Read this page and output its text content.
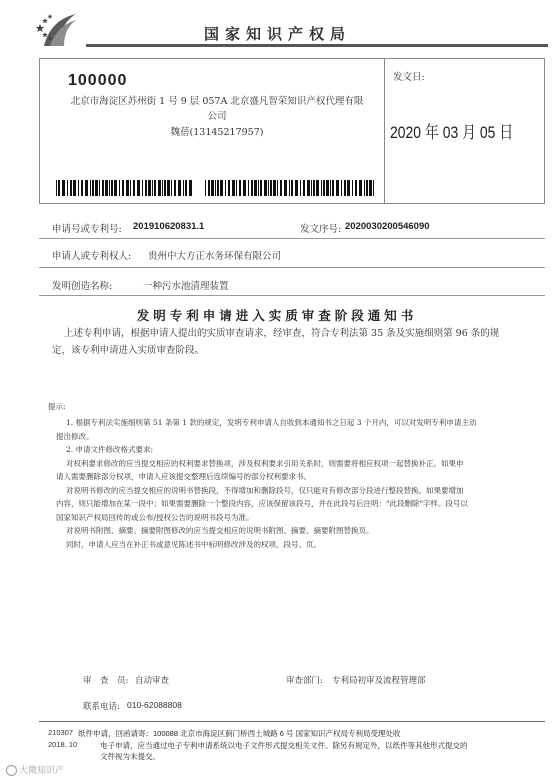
国家知识产权局
100000
北京市海淀区苏州街 1 号 9 层 057A 北京盛凡智荣知识产权代理有限
公司
魏蓓(13145217957)
发文日:
2020 年 03 月 05 日
申请号或专利号: 201910620831.1	发文序号: 2020030200546090
申请人或专利权人: 贵州中大方正水务环保有限公司
发明创造名称:	一种污水池清理装置
发明专利申请进入实质审查阶段通知书
上述专利申请，根据申请人提出的实质审查请求，经审查，符合专利法第 35 条及实施细则第 96 条的规
定，该专利申请进入实质审查阶段。
提示:

1. 根据专利法实施细则第 51 条第 1 款的规定，发明专利申请人自收到本通知书之日起 3 个月内，可以对发明专利申请主动

提出修改。

2. 申请文件修改格式要求:

对权利要求修改的应当提交相应的权利要求替换项，涉及权利要求引用关系时，则需要将相应权项一起替换补正。如果申

请人需要删除部分权项，申请人应该提交整理后连续编号的部分权利要求书。

对说明书修改的应当提交相应的说明书替换段，不得增加和删除段号，仅只能对有修改部分段进行整段替换。如果要增加

内容，则只能增加在某一段中；如果需要删除一个整段内容，应该保留该段号，并在此段号后注明："此段删除"字样。段号以

国家知识产权局回传的或公布/授权公告的说明书段号为准。

对说明书附图、摘要、摘要附图修改的应当提交相应的说明书附图、摘要、摘要附图替换页。

同时，申请人应当在补正书或意见陈述书中标明修改涉及的权项、段号、页。

审　查　员: 自动审查	审查部门: 专利局初审及流程管理部
联系电话: 010-62088808
210307
2018. 10
纸件申请，回函请寄：100088 北京市海淀区蓟门桥西土城路 6 号 国家知识产权局专利局受理处收
电子申请，应当通过电子专利申请系统以电子文件形式提交相关文件。除另有规定外，以纸件等其他形式提交的
文件视为未提交。
大微知识产
